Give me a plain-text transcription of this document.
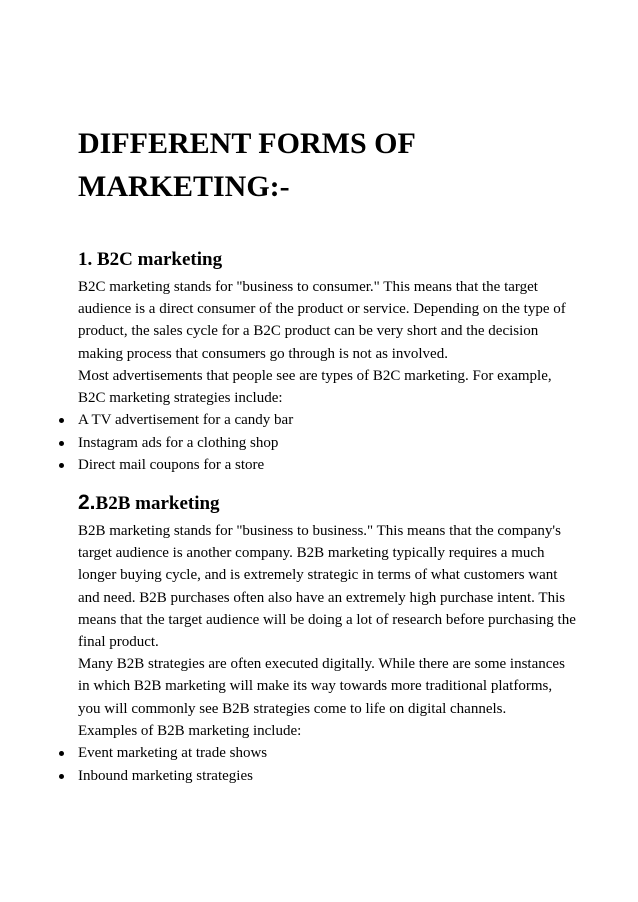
DIFFERENT FORMS OF
MARKETING:-
1. B2C marketing

B2C marketing stands for "business to consumer." This means that the target audience is a direct consumer of the product or service. Depending on the type of product, the sales cycle for a B2C product can be very short and the decision making process that consumers go through is not as involved.

Most advertisements that people see are types of B2C marketing. For example, B2C marketing strategies include:

A TV advertisement for a candy bar
Instagram ads for a clothing shop
Direct mail coupons for a store
2.B2B marketing

B2B marketing stands for "business to business." This means that the company's target audience is another company. B2B marketing typically requires a much longer buying cycle, and is extremely strategic in terms of what customers want and need. B2B purchases often also have an extremely high purchase intent. This means that the target audience will be doing a lot of research before purchasing the final product.

Many B2B strategies are often executed digitally. While there are some instances in which B2B marketing will make its way towards more traditional platforms, you will commonly see B2B strategies come to life on digital channels.

Examples of B2B marketing include:

Event marketing at trade shows
Inbound marketing strategies
